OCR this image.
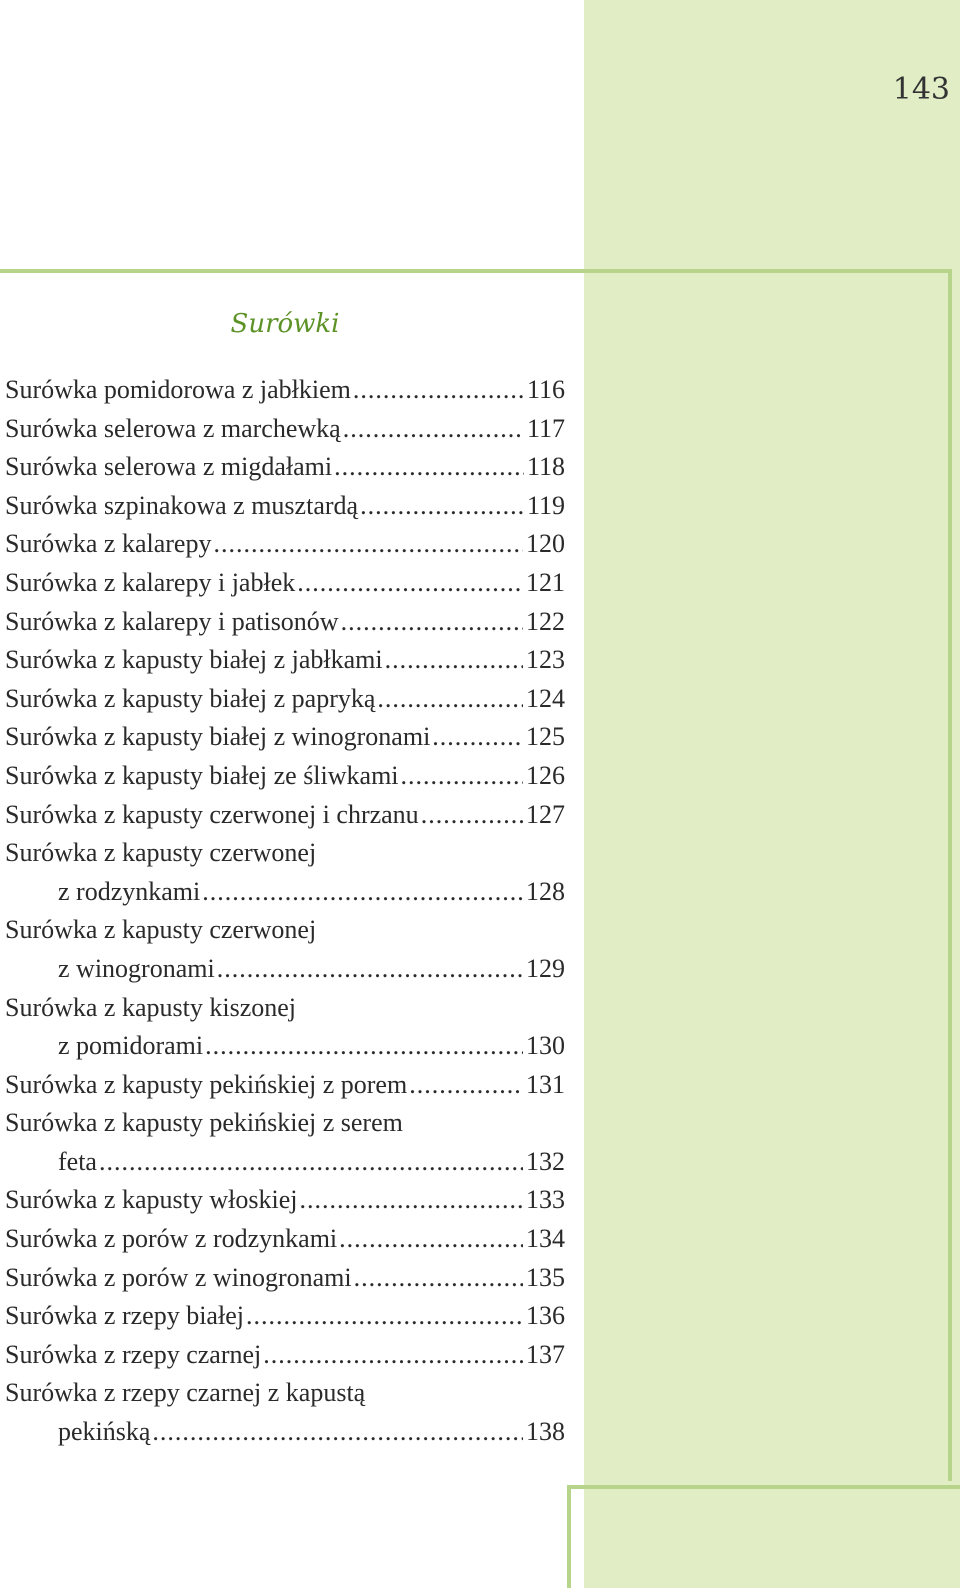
143
Surówki
Surówka pomidorowa z jabłkiem .....	116
Surówka selerowa z marchewką .....	117
Surówka selerowa z migdałami .....	118
Surówka szpinakowa z musztardą .....	119
Surówka z kalarepy .....	120
Surówka z kalarepy i jabłek .....	121
Surówka z kalarepy i patisonów .....	122
Surówka z kapusty białej z jabłkami .....	123
Surówka z kapusty białej z papryką .....	124
Surówka z kapusty białej z winogronami .....	125
Surówka z kapusty białej ze śliwkami .....	126
Surówka z kapusty czerwonej i chrzanu .....	127
Surówka z kapusty czerwonej
z rodzynkami .....	128
Surówka z kapusty czerwonej
z winogronami .....	129
Surówka z kapusty kiszonej
z pomidorami .....	130
Surówka z kapusty pekińskiej z porem .....	131
Surówka z kapusty pekińskiej z serem
feta .....	132
Surówka z kapusty włoskiej .....	133
Surówka z porów z rodzynkami .....	134
Surówka z porów z winogronami .....	135
Surówka z rzepy białej .....	136
Surówka z rzepy czarnej .....	137
Surówka z rzepy czarnej z kapustą
pekińską .....	138
